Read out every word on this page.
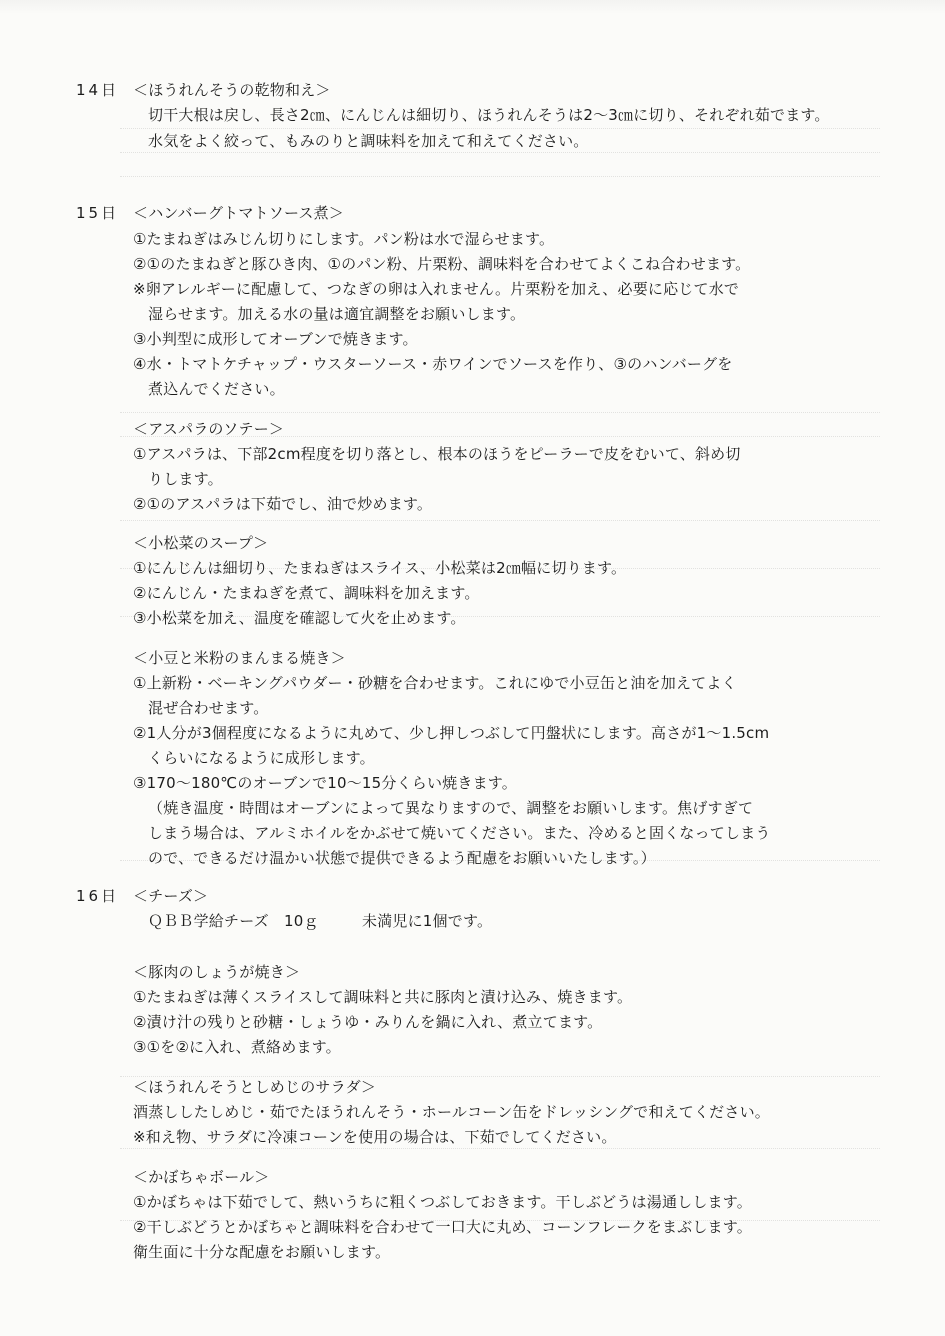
14日 ＜ほうれんそうの乾物和え＞
切干大根は戻し、長さ2㎝、にんじんは細切り、ほうれんそうは2～3㎝に切り、それぞれ茹でます。
水気をよく絞って、もみのりと調味料を加えて和えてください。
15日 ＜ハンバーグトマトソース煮＞
①たまねぎはみじん切りにします。パン粉は水で湿らせます。
②①のたまねぎと豚ひき肉、①のパン粉、片栗粉、調味料を合わせてよくこね合わせます。
※卵アレルギーに配慮して、つなぎの卵は入れません。片栗粉を加え、必要に応じて水で
湿らせます。加える水の量は適宜調整をお願いします。
③小判型に成形してオーブンで焼きます。
④水・トマトケチャップ・ウスターソース・赤ワインでソースを作り、③のハンバーグを
煮込んでください。
＜アスパラのソテー＞
①アスパラは、下部2cm程度を切り落とし、根本のほうをピーラーで皮をむいて、斜め切
りします。
②①のアスパラは下茹でし、油で炒めます。
＜小松菜のスープ＞
①にんじんは細切り、たまねぎはスライス、小松菜は2㎝幅に切ります。
②にんじん・たまねぎを煮て、調味料を加えます。
③小松菜を加え、温度を確認して火を止めます。
＜小豆と米粉のまんまる焼き＞
①上新粉・ベーキングパウダー・砂糖を合わせます。これにゆで小豆缶と油を加えてよく
混ぜ合わせます。
②1人分が3個程度になるように丸めて、少し押しつぶして円盤状にします。高さが1～1.5cm
くらいになるように成形します。
③170～180℃のオーブンで10～15分くらい焼きます。
（焼き温度・時間はオーブンによって異なりますので、調整をお願いします。焦げすぎて
しまう場合は、アルミホイルをかぶせて焼いてください。また、冷めると固くなってしまう
ので、できるだけ温かい状態で提供できるよう配慮をお願いいたします。）
16日 ＜チーズ＞
ＱＢＢ学給チーズ　10ｇ	未満児に1個です。
＜豚肉のしょうが焼き＞
①たまねぎは薄くスライスして調味料と共に豚肉と漬け込み、焼きます。
②漬け汁の残りと砂糖・しょうゆ・みりんを鍋に入れ、煮立てます。
③①を②に入れ、煮絡めます。
＜ほうれんそうとしめじのサラダ＞
酒蒸ししたしめじ・茹でたほうれんそう・ホールコーン缶をドレッシングで和えてください。
※和え物、サラダに冷凍コーンを使用の場合は、下茹でしてください。
＜かぼちゃボール＞
①かぼちゃは下茹でして、熱いうちに粗くつぶしておきます。干しぶどうは湯通しします。
②干しぶどうとかぼちゃと調味料を合わせて一口大に丸め、コーンフレークをまぶします。
衛生面に十分な配慮をお願いします。
